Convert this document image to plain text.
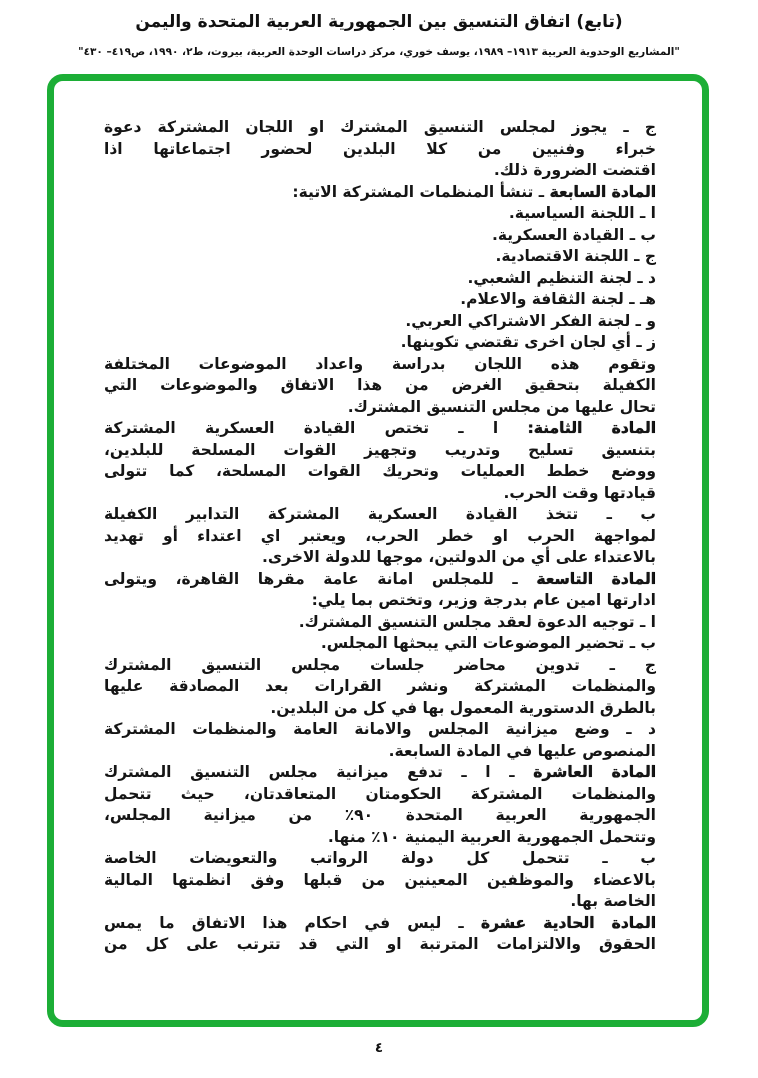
(تابع) اتفاق التنسيق بين الجمهورية العربية المتحدة واليمن
"المشاريع الوحدوية العربية ١٩١٣– ١٩٨٩، يوسف خوري، مركز دراسات الوحدة العربية، بيروت، ط٢، ١٩٩٠، ص٤١٩– ٤٣٠"
ج ـ يجوز لمجلس التنسيق المشترك او اللجان المشتركة دعوة
خبراء وفنيين من كلا البلدين لحضور اجتماعاتها اذا
اقتضت الضرورة ذلك.
المادة السابعة ـ تنشأ المنظمات المشتركة الاتية:
ا ـ اللجنة السياسية.
ب ـ القيادة العسكرية.
ج ـ اللجنة الاقتصادية.
د ـ لجنة التنظيم الشعبي.
هـ ـ لجنة الثقافة والاعلام.
و ـ لجنة الفكر الاشتراكي العربي.
ز ـ أي لجان اخرى تقتضي تكوينها.
وتقوم هذه اللجان بدراسة واعداد الموضوعات المختلفة
الكفيلة بتحقيق الغرض من هذا الاتفاق والموضوعات التي
تحال عليها من مجلس التنسيق المشترك.
المادة الثامنة: ا ـ تختص القيادة العسكرية المشتركة
بتنسيق تسليح وتدريب وتجهيز القوات المسلحة للبلدين،
ووضع خطط العمليات وتحريك القوات المسلحة، كما تتولى
قيادتها وقت الحرب.
ب ـ تتخذ القيادة العسكرية المشتركة التدابير الكفيلة
لمواجهة الحرب او خطر الحرب، ويعتبر اي اعتداء أو تهديد
بالاعتداء على أي من الدولتين، موجها للدولة الاخرى.
المادة التاسعة ـ للمجلس امانة عامة مقرها القاهرة، ويتولى
ادارتها امين عام بدرجة وزير، وتختص بما يلي:
ا ـ توجيه الدعوة لعقد مجلس التنسيق المشترك.
ب ـ تحضير الموضوعات التي يبحثها المجلس.
ج ـ تدوين محاضر جلسات مجلس التنسيق المشترك
والمنظمات المشتركة ونشر القرارات بعد المصادقة عليها
بالطرق الدستورية المعمول بها في كل من البلدين.
د ـ وضع ميزانية المجلس والامانة العامة والمنظمات المشتركة
المنصوص عليها في المادة السابعة.
المادة العاشرة ـ ا ـ تدفع ميزانية مجلس التنسيق المشترك
والمنظمات المشتركة الحكومتان المتعاقدتان، حيث تتحمل
الجمهورية العربية المتحدة ٩٠٪ من ميزانية المجلس،
وتتحمل الجمهورية العربية اليمنية ١٠٪ منها.
ب ـ تتحمل كل دولة الرواتب والتعويضات الخاصة
بالاعضاء والموظفين المعينين من قبلها وفق انظمتها المالية
الخاصة بها.
المادة الحادية عشرة ـ ليس في احكام هذا الاتفاق ما يمس
الحقوق والالتزامات المترتبة او التي قد تترتب على كل من
٤
